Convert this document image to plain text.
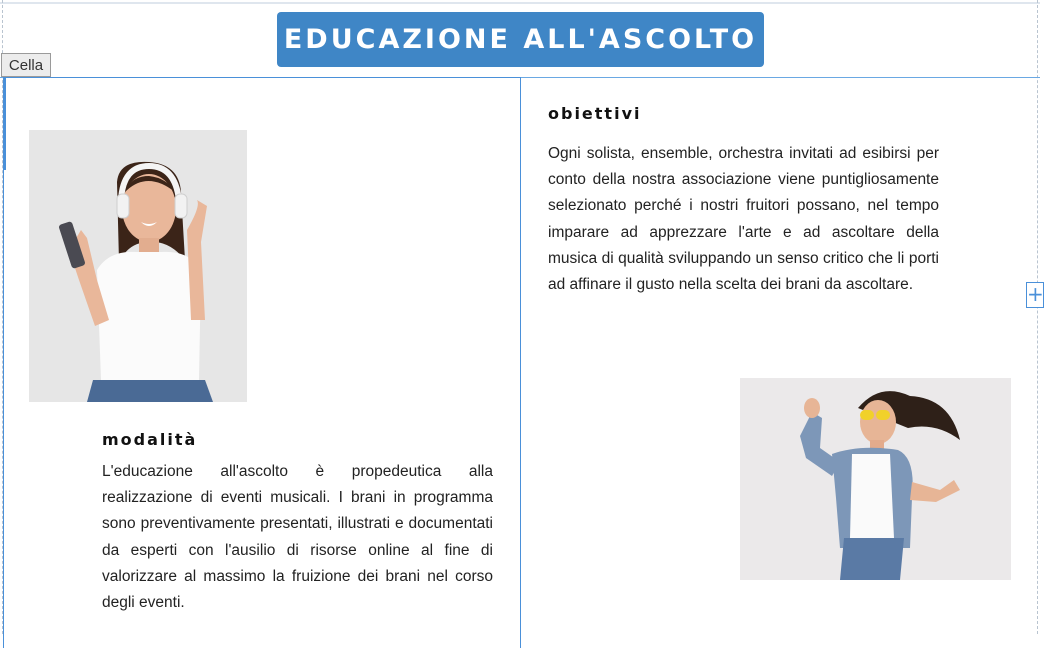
EDUCAZIONE ALL'ASCOLTO
Cella
modalità

L'educazione all'ascolto è propedeutica alla realizzazione di eventi musicali. I brani in programma sono preventivamente presentati, illustrati e documentati da esperti con l'ausilio di risorse online al fine di valorizzare al massimo la fruizione dei brani nel corso degli eventi.

obiettivi

Ogni solista, ensemble, orchestra invitati ad esibirsi per conto della nostra associazione viene puntigliosamente selezionato perché i nostri fruitori possano, nel tempo imparare ad apprezzare l'arte e ad ascoltare della musica di qualità sviluppando un senso critico che li porti ad affinare il gusto nella scelta dei brani da ascoltare.	+
